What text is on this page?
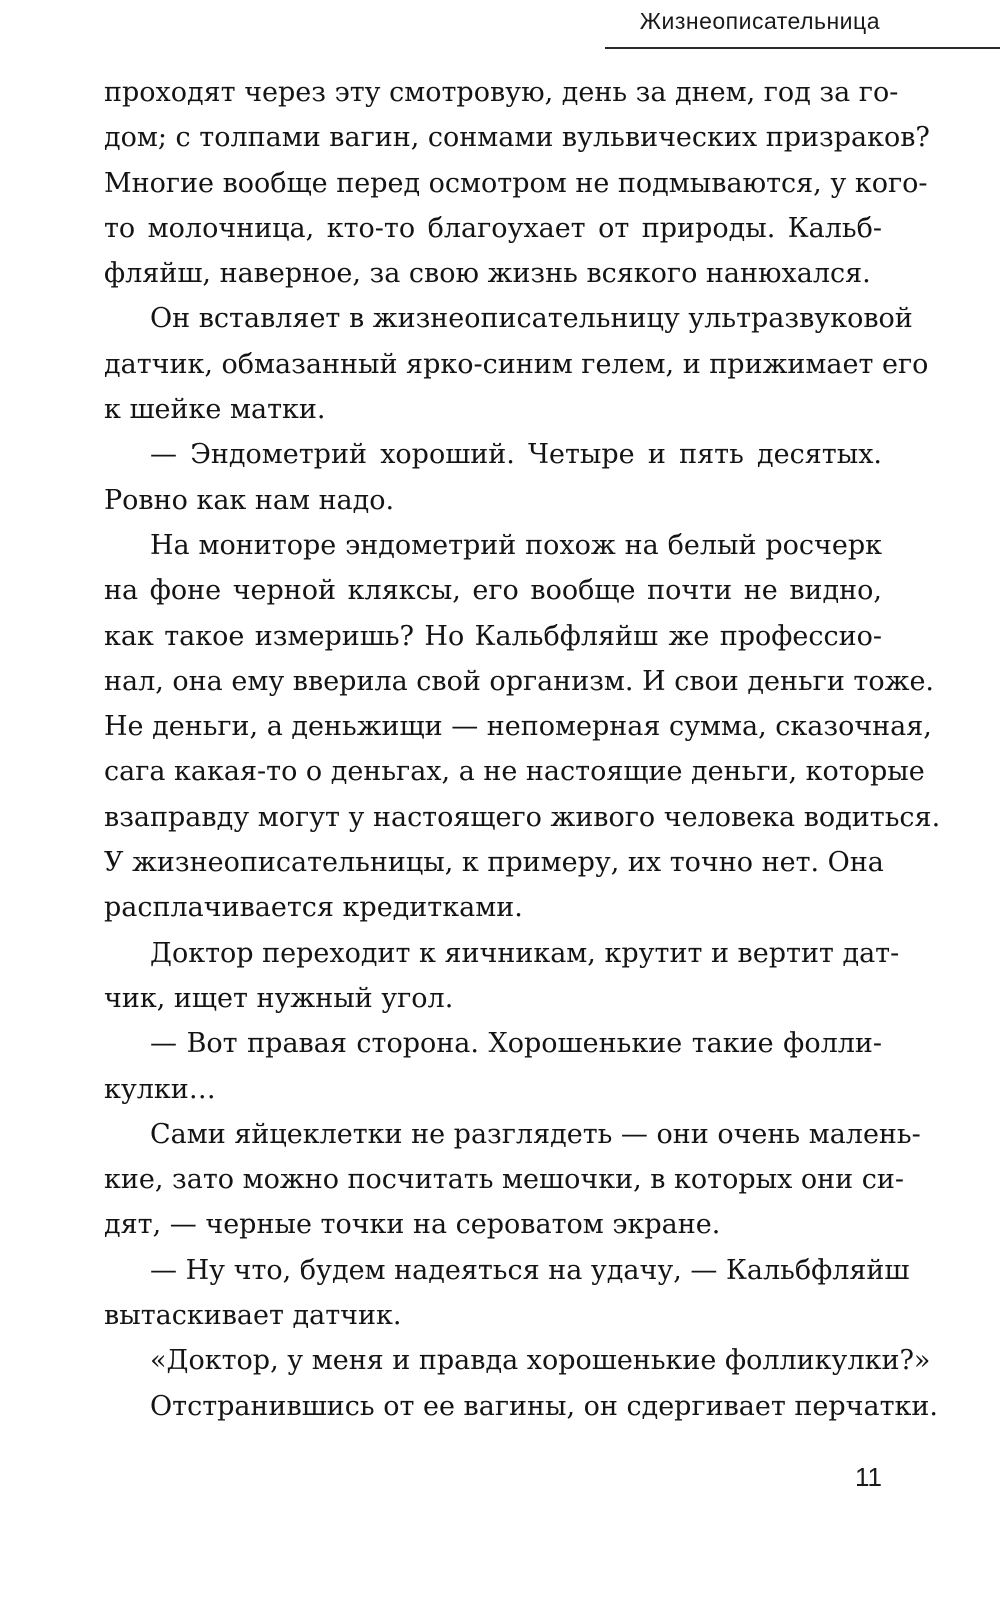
Жизнеописательница
проходят через эту смотровую, день за днем, год за го-
дом; с толпами вагин, сонмами вульвических призраков?
Многие вообще перед осмотром не подмываются, у кого-
то молочница, кто-то благоухает от природы. Кальб-
фляйш, наверное, за свою жизнь всякого нанюхался.
Он вставляет в жизнеописательницу ультразвуковой
датчик, обмазанный ярко-синим гелем, и прижимает его
к шейке матки.
— Эндометрий хороший. Четыре и пять десятых.
Ровно как нам надо.
На мониторе эндометрий похож на белый росчерк
на фоне черной кляксы, его вообще почти не видно,
как такое измеришь? Но Кальбфляйш же профессио-
нал, она ему вверила свой организм. И свои деньги тоже.
Не деньги, а деньжищи — непомерная сумма, сказочная,
сага какая-то о деньгах, а не настоящие деньги, которые
взаправду могут у настоящего живого человека водиться.
У жизнеописательницы, к примеру, их точно нет. Она
расплачивается кредитками.
Доктор переходит к яичникам, крутит и вертит дат-
чик, ищет нужный угол.
— Вот правая сторона. Хорошенькие такие фолли-
кулки…
Сами яйцеклетки не разглядеть — они очень малень-
кие, зато можно посчитать мешочки, в которых они си-
дят, — черные точки на сероватом экране.
— Ну что, будем надеяться на удачу, — Кальбфляйш
вытаскивает датчик.
«Доктор, у меня и правда хорошенькие фолликулки?»
Отстранившись от ее вагины, он сдергивает перчатки.
11
